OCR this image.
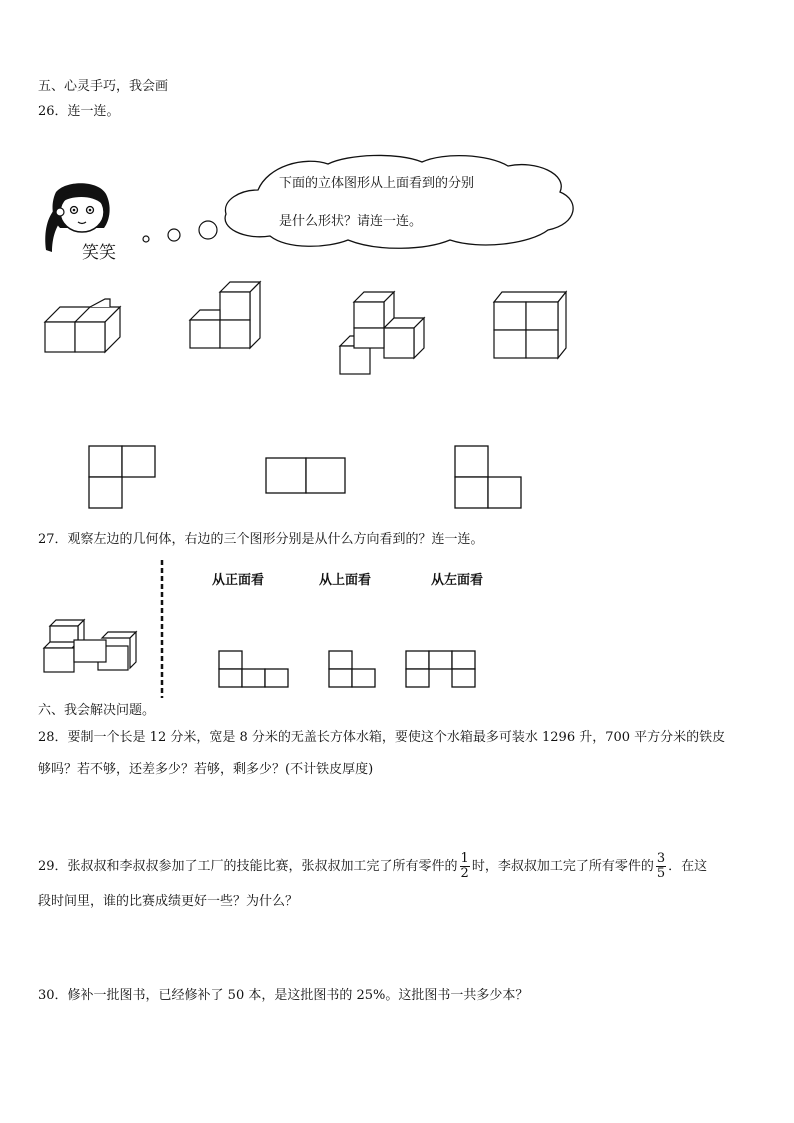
五、心灵手巧，我会画
26．连一连。
笑笑
下面的立体图形从上面看到的分别
是什么形状？请连一连。
27．观察左边的几何体，右边的三个图形分别是从什么方向看到的？连一连。
从正面看	从上面看	从左面看
六、我会解决问题。
28．要制一个长是 12 分米，宽是 8 分米的无盖长方体水箱，要使这个水箱最多可装水 1296 升，700 平方分米的铁皮
够吗？若不够，还差多少？若够，剩多少？(不计铁皮厚度)
29．张叔叔和李叔叔参加了工厂的技能比赛，张叔叔加工完了所有零件的 $\frac{1}{2}$ 时，李叔叔加工完了所有零件的 $\frac{3}{5}$ ．在这
段时间里，谁的比赛成绩更好一些？为什么？
30．修补一批图书，已经修补了 50 本，是这批图书的 25%。这批图书一共多少本？
